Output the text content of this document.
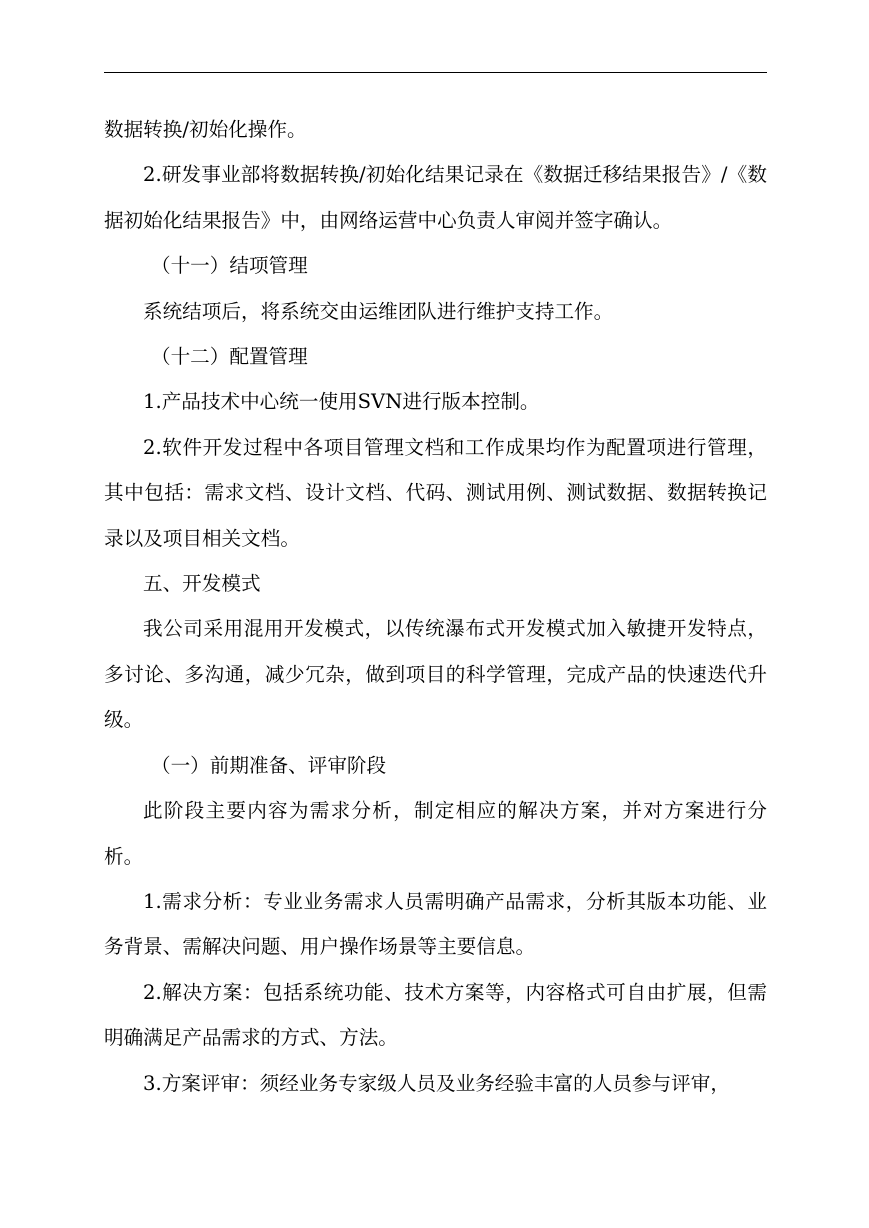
数据转换/初始化操作。

2.研发事业部将数据转换/初始化结果记录在《数据迁移结果报告》/《数据初始化结果报告》中，由网络运营中心负责人审阅并签字确认。

（十一）结项管理

系统结项后，将系统交由运维团队进行维护支持工作。

（十二）配置管理

1.产品技术中心统一使用SVN进行版本控制。

2.软件开发过程中各项目管理文档和工作成果均作为配置项进行管理，其中包括：需求文档、设计文档、代码、测试用例、测试数据、数据转换记录以及项目相关文档。

五、开发模式

我公司采用混用开发模式，以传统瀑布式开发模式加入敏捷开发特点，多讨论、多沟通，减少冗杂，做到项目的科学管理，完成产品的快速迭代升级。

（一）前期准备、评审阶段

此阶段主要内容为需求分析，制定相应的解决方案，并对方案进行分析。

1.需求分析：专业业务需求人员需明确产品需求，分析其版本功能、业务背景、需解决问题、用户操作场景等主要信息。

2.解决方案：包括系统功能、技术方案等，内容格式可自由扩展，但需明确满足产品需求的方式、方法。

3.方案评审：须经业务专家级人员及业务经验丰富的人员参与评审，
